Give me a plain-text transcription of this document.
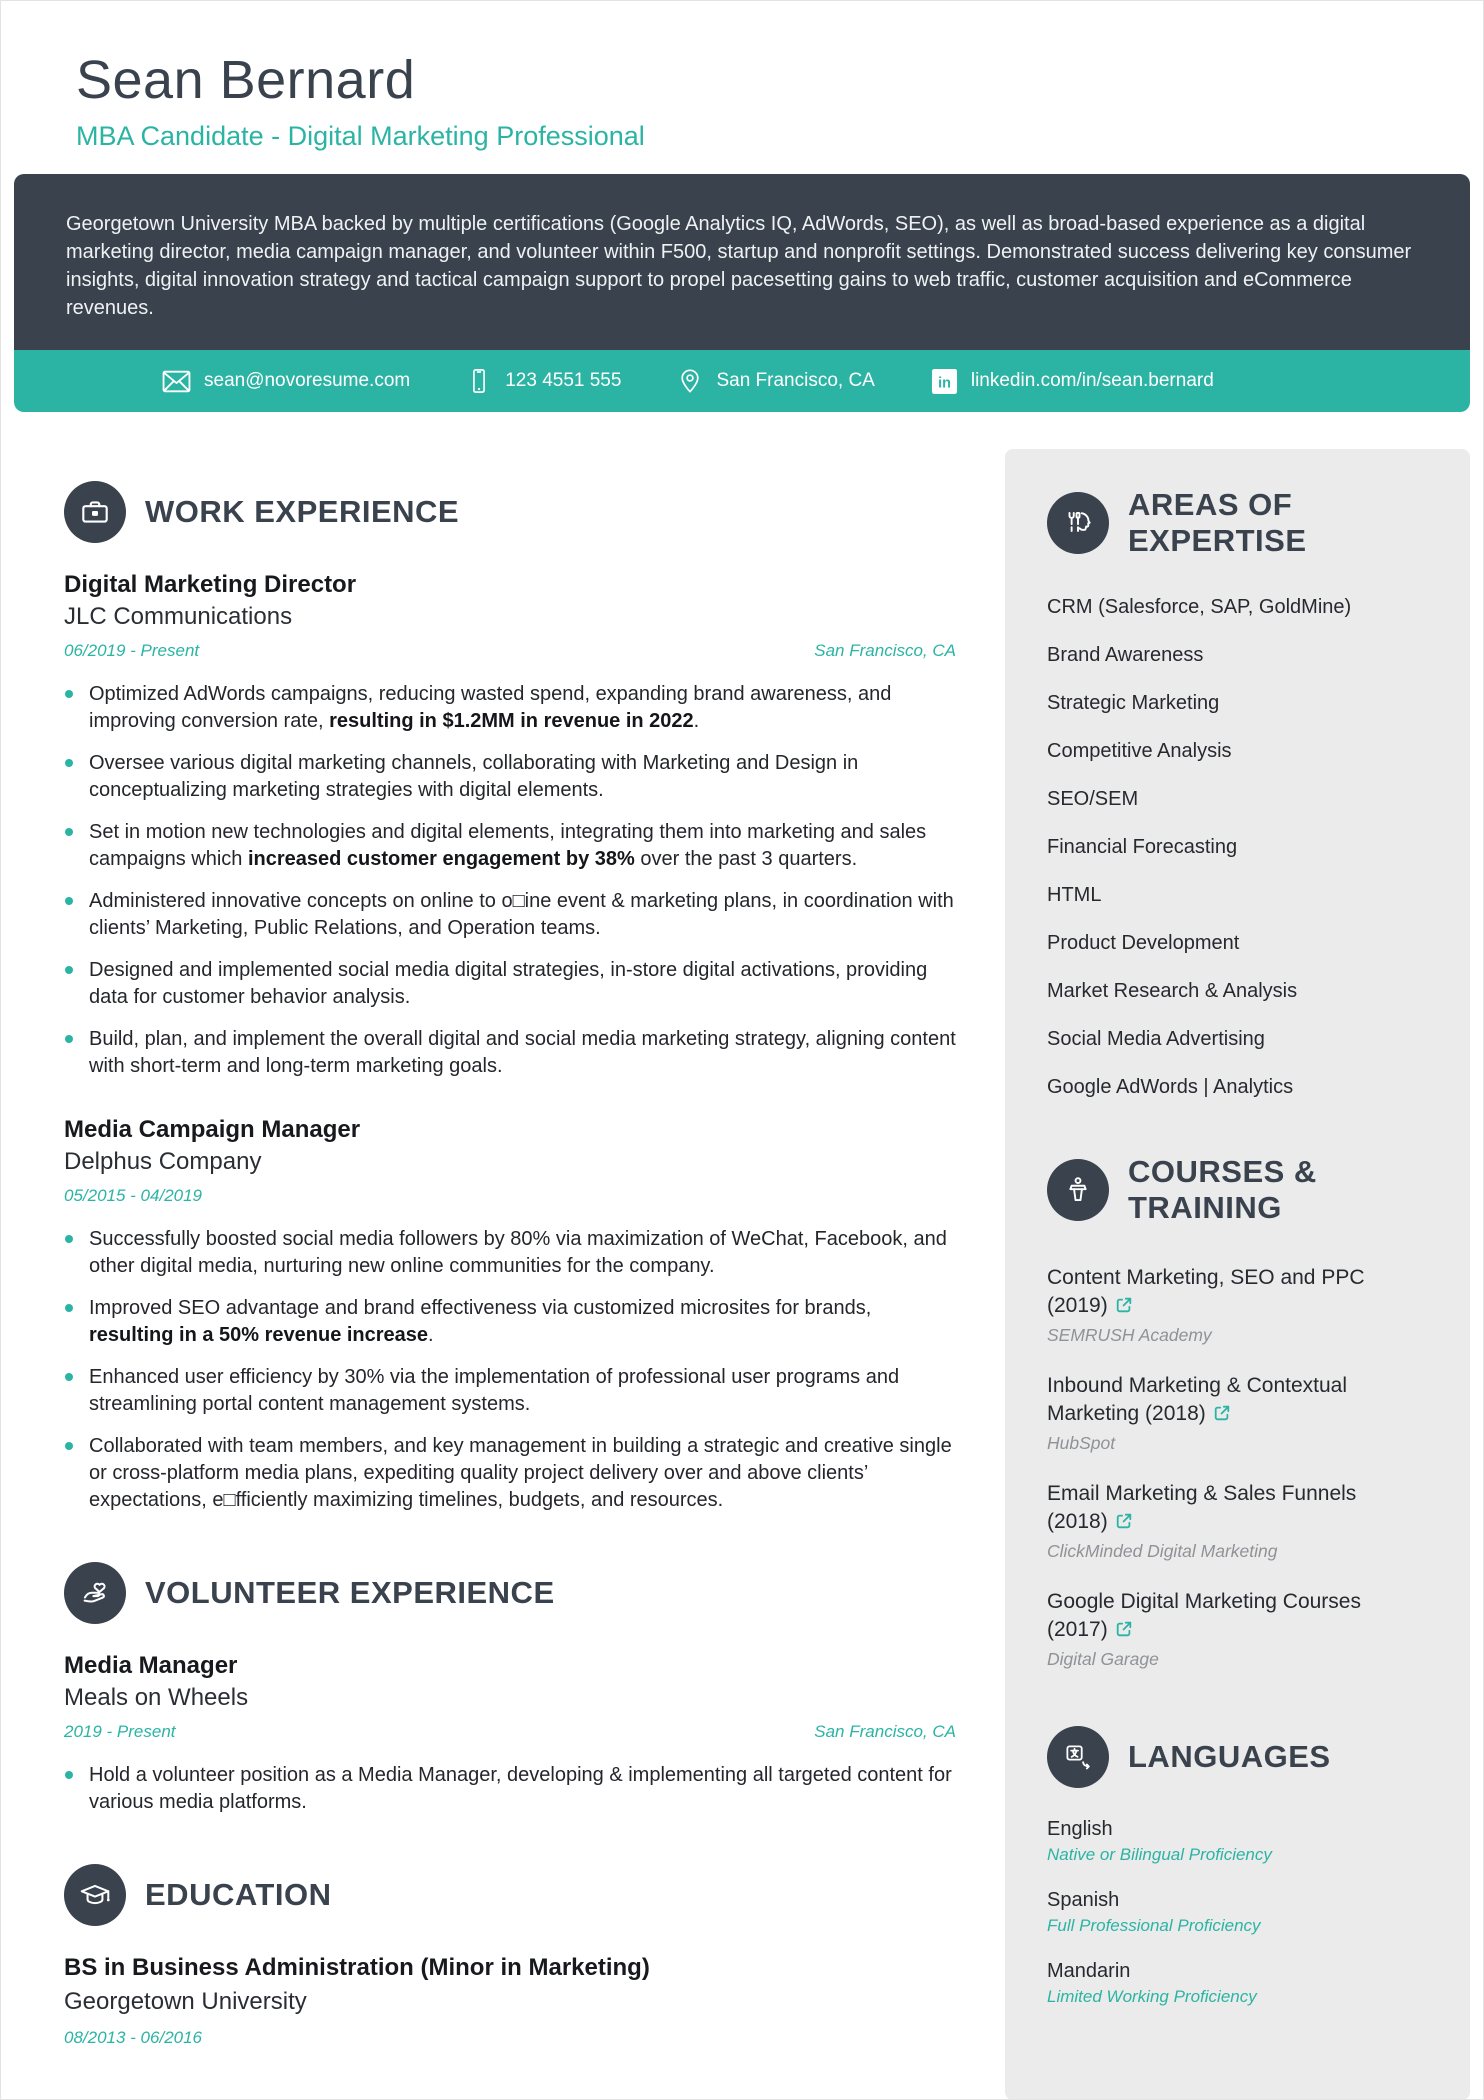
Sean Bernard
MBA Candidate - Digital Marketing Professional
Georgetown University MBA backed by multiple certifications (Google Analytics IQ, AdWords, SEO), as well as broad-based experience as a digital marketing director, media campaign manager, and volunteer within F500, startup and nonprofit settings. Demonstrated success delivering key consumer insights, digital innovation strategy and tactical campaign support to propel pacesetting gains to web traffic, customer acquisition and eCommerce revenues.
sean@novoresume.com	123 4551 555	San Francisco, CA	in linkedin.com/in/sean.bernard
WORK EXPERIENCE
Digital Marketing Director
JLC Communications
06/2019 - Present	San Francisco, CA
Optimized AdWords campaigns, reducing wasted spend, expanding brand awareness, and improving conversion rate, resulting in $1.2MM in revenue in 2022.
Oversee various digital marketing channels, collaborating with Marketing and Design in conceptualizing marketing strategies with digital elements.
Set in motion new technologies and digital elements, integrating them into marketing and sales campaigns which increased customer engagement by 38% over the past 3 quarters.
Administered innovative concepts on online to o□ine event & marketing plans, in coordination with clients’ Marketing, Public Relations, and Operation teams.
Designed and implemented social media digital strategies, in-store digital activations, providing data for customer behavior analysis.
Build, plan, and implement the overall digital and social media marketing strategy, aligning content with short-term and long-term marketing goals.
Media Campaign Manager
Delphus Company
05/2015 - 04/2019
Successfully boosted social media followers by 80% via maximization of WeChat, Facebook, and other digital media, nurturing new online communities for the company.
Improved SEO advantage and brand effectiveness via customized microsites for brands, resulting in a 50% revenue increase.
Enhanced user efficiency by 30% via the implementation of professional user programs and streamlining portal content management systems.
Collaborated with team members, and key management in building a strategic and creative single or cross-platform media plans, expediting quality project delivery over and above clients’ expectations, e□fficiently maximizing timelines, budgets, and resources.
VOLUNTEER EXPERIENCE
Media Manager
Meals on Wheels
2019 - Present	San Francisco, CA
Hold a volunteer position as a Media Manager, developing & implementing all targeted content for various media platforms.
EDUCATION
BS in Business Administration (Minor in Marketing)
Georgetown University
08/2013 - 06/2016
AREAS OF EXPERTISE
CRM (Salesforce, SAP, GoldMine)
Brand Awareness
Strategic Marketing
Competitive Analysis
SEO/SEM
Financial Forecasting
HTML
Product Development
Market Research & Analysis
Social Media Advertising
Google AdWords | Analytics
COURSES & TRAINING
Content Marketing, SEO and PPC (2019)
SEMRUSH Academy
Inbound Marketing & Contextual Marketing (2018)
HubSpot
Email Marketing & Sales Funnels (2018)
ClickMinded Digital Marketing
Google Digital Marketing Courses (2017)
Digital Garage
LANGUAGES
English
Native or Bilingual Proficiency
Spanish
Full Professional Proficiency
Mandarin
Limited Working Proficiency
